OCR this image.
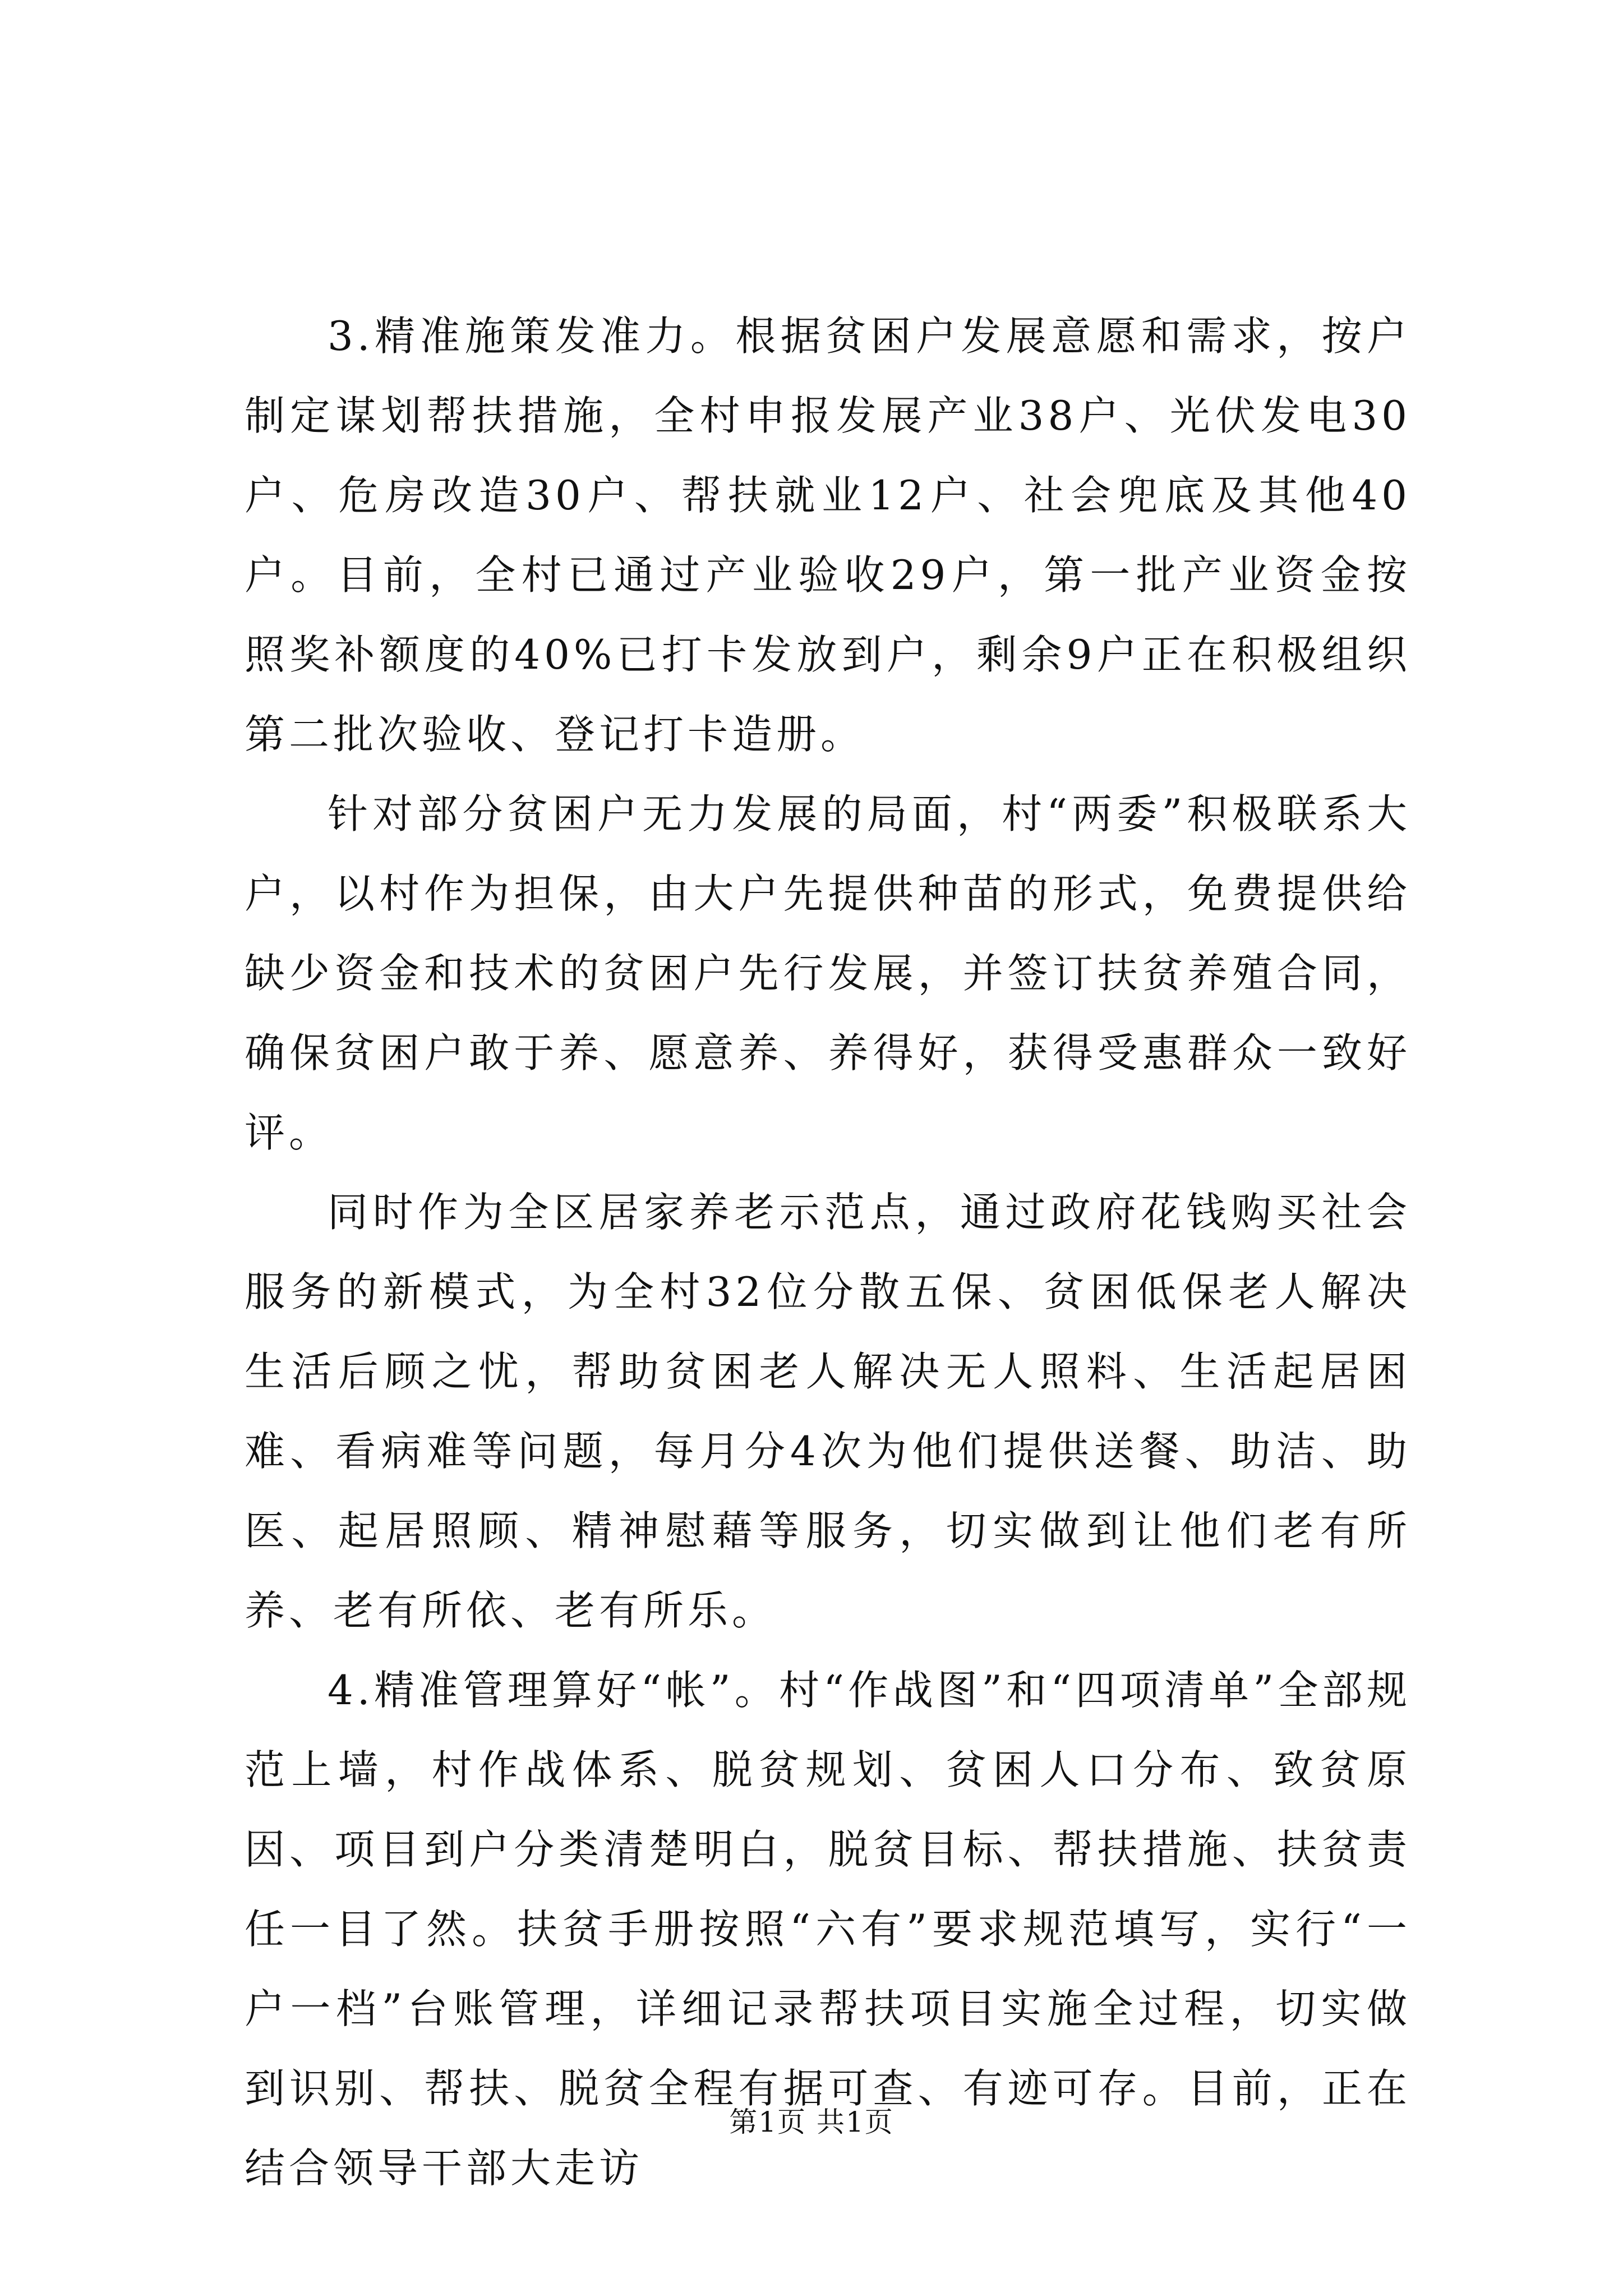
3.精准施策发准力。根据贫困户发展意愿和需求，按户制定谋划帮扶措施，全村申报发展产业38户、光伏发电30户、危房改造30户、帮扶就业12户、社会兜底及其他40户。目前，全村已通过产业验收29户，第一批产业资金按照奖补额度的40%已打卡发放到户，剩余9户正在积极组织第二批次验收、登记打卡造册。

针对部分贫困户无力发展的局面，村“两委”积极联系大户，以村作为担保，由大户先提供种苗的形式，免费提供给缺少资金和技术的贫困户先行发展，并签订扶贫养殖合同，确保贫困户敢于养、愿意养、养得好，获得受惠群众一致好评。

同时作为全区居家养老示范点，通过政府花钱购买社会服务的新模式，为全村32位分散五保、贫困低保老人解决生活后顾之忧，帮助贫困老人解决无人照料、生活起居困难、看病难等问题，每月分4次为他们提供送餐、助洁、助医、起居照顾、精神慰藉等服务，切实做到让他们老有所养、老有所依、老有所乐。

4.精准管理算好“帐”。村“作战图”和“四项清单”全部规范上墙，村作战体系、脱贫规划、贫困人口分布、致贫原因、项目到户分类清楚明白，脱贫目标、帮扶措施、扶贫责任一目了然。扶贫手册按照“六有”要求规范填写，实行“一户一档”台账管理，详细记录帮扶项目实施全过程，切实做到识别、帮扶、脱贫全程有据可查、有迹可存。目前，正在结合领导干部大走访

第1页 共1页
